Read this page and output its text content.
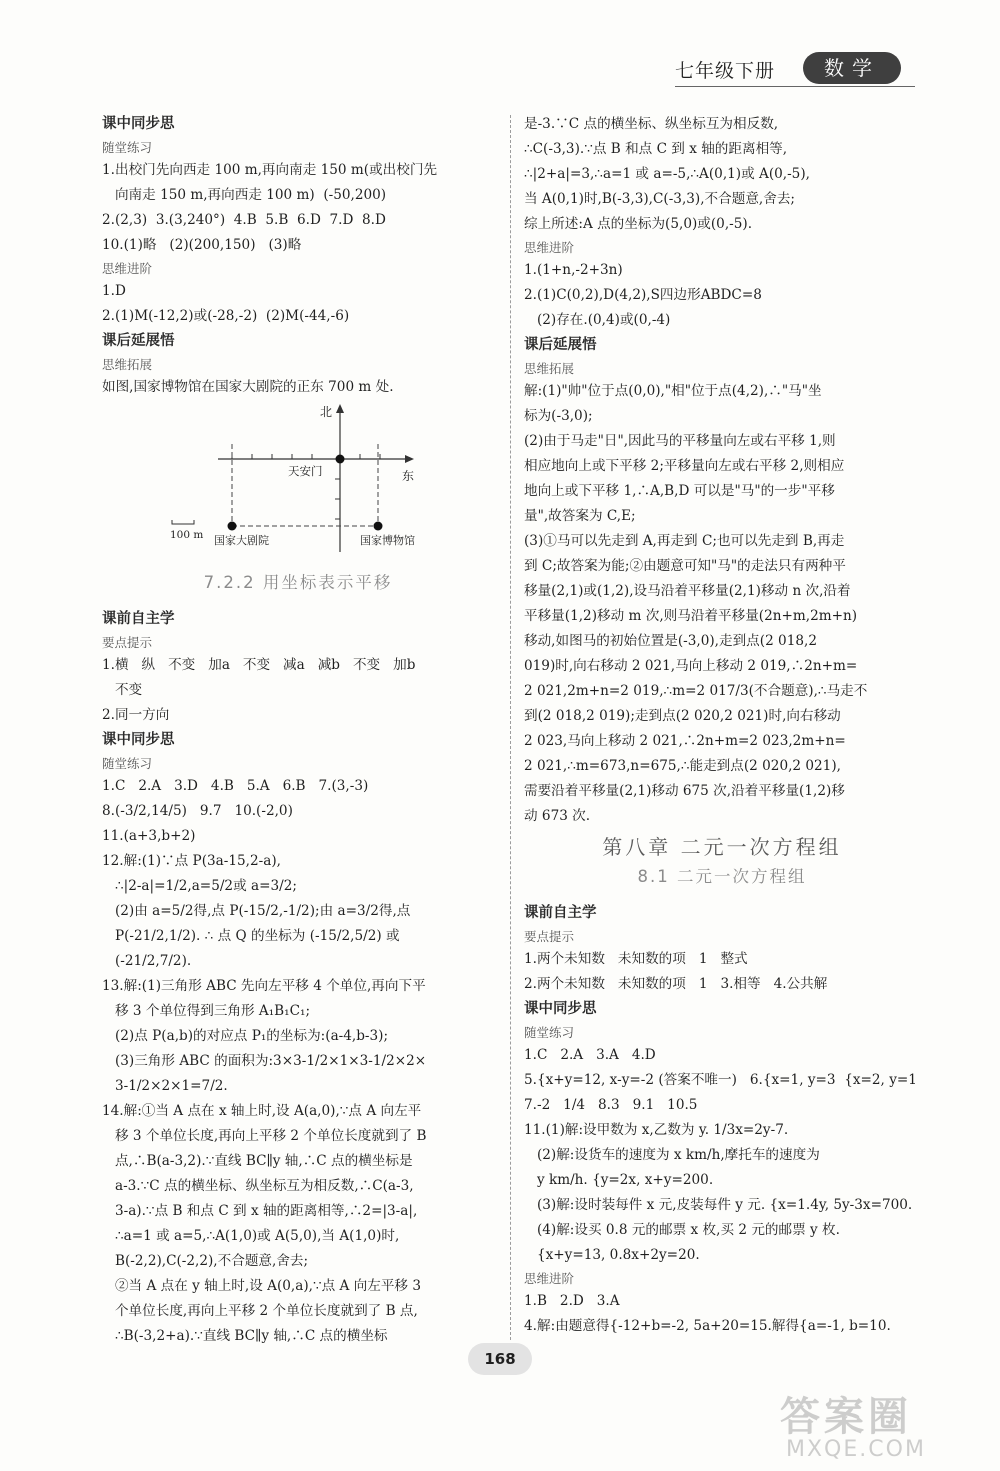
七年级下册	数学
课中同步思
随堂练习
1.出校门先向西走 100 m,再向南走 150 m(或出校门先
向南走 150 m,再向西走 100 m)  (-50,200)
2.(2,3)  3.(3,240°)  4.B  5.B  6.D  7.D  8.D
10.(1)略   (2)(200,150)   (3)略
思维进阶
1.D
2.(1)M(-12,2)或(-28,-2)  (2)M(-44,-6)
课后延展悟
思维拓展
如图,国家博物馆在国家大剧院的正东 700 m 处.
北
东
天安门
100 m 国家大剧院	国家博物馆
7.2.2 用坐标表示平移
课前自主学
要点提示
1.横   纵   不变   加a   不变   减a   减b   不变   加b
不变
2.同一方向
课中同步思
随堂练习
1.C   2.A   3.D   4.B   5.A   6.B   7.(3,-3)
8.(-3/2,14/5)   9.7   10.(-2,0)
11.(a+3,b+2)
12.解:(1)∵点 P(3a-15,2-a),
∴|2-a|=1/2,a=5/2或 a=3/2;
(2)由 a=5/2得,点 P(-15/2,-1/2);由 a=3/2得,点
P(-21/2,1/2). ∴ 点 Q 的坐标为 (-15/2,5/2) 或
(-21/2,7/2).
13.解:(1)三角形 ABC 先向左平移 4 个单位,再向下平
移 3 个单位得到三角形 A₁B₁C₁;
(2)点 P(a,b)的对应点 P₁的坐标为:(a-4,b-3);
(3)三角形 ABC 的面积为:3×3-1/2×1×3-1/2×2×
3-1/2×2×1=7/2.
14.解:①当 A 点在 x 轴上时,设 A(a,0),∵点 A 向左平
移 3 个单位长度,再向上平移 2 个单位长度就到了 B
点,∴B(a-3,2).∵直线 BC∥y 轴,∴C 点的横坐标是
a-3.∵C 点的横坐标、纵坐标互为相反数,∴C(a-3,
3-a).∵点 B 和点 C 到 x 轴的距离相等,∴2=|3-a|,
∴a=1 或 a=5,∴A(1,0)或 A(5,0),当 A(1,0)时,
B(-2,2),C(-2,2),不合题意,舍去;
②当 A 点在 y 轴上时,设 A(0,a),∵点 A 向左平移 3
个单位长度,再向上平移 2 个单位长度就到了 B 点,
∴B(-3,2+a).∵直线 BC∥y 轴,∴C 点的横坐标
是-3.∵C 点的横坐标、纵坐标互为相反数,
∴C(-3,3).∵点 B 和点 C 到 x 轴的距离相等,
∴|2+a|=3,∴a=1 或 a=-5,∴A(0,1)或 A(0,-5),
当 A(0,1)时,B(-3,3),C(-3,3),不合题意,舍去;
综上所述:A 点的坐标为(5,0)或(0,-5).
思维进阶
1.(1+n,-2+3n)
2.(1)C(0,2),D(4,2),S四边形ABDC=8
(2)存在.(0,4)或(0,-4)
课后延展悟
思维拓展
解:(1)"帅"位于点(0,0),"相"位于点(4,2),∴"马"坐
标为(-3,0);
(2)由于马走"日",因此马的平移量向左或右平移 1,则
相应地向上或下平移 2;平移量向左或右平移 2,则相应
地向上或下平移 1,∴A,B,D 可以是"马"的一步"平移
量",故答案为 C,E;
(3)①马可以先走到 A,再走到 C;也可以先走到 B,再走
到 C;故答案为能;②由题意可知"马"的走法只有两种平
移量(2,1)或(1,2),设马沿着平移量(2,1)移动 n 次,沿着
平移量(1,2)移动 m 次,则马沿着平移量(2n+m,2m+n)
移动,如图马的初始位置是(-3,0),走到点(2 018,2
019)时,向右移动 2 021,马向上移动 2 019,∴2n+m=
2 021,2m+n=2 019,∴m=2 017/3(不合题意),∴马走不
到(2 018,2 019);走到点(2 020,2 021)时,向右移动
2 023,马向上移动 2 021,∴2n+m=2 023,2m+n=
2 021,∴m=673,n=675,∴能走到点(2 020,2 021),
需要沿着平移量(2,1)移动 675 次,沿着平移量(1,2)移
动 673 次.
第八章 二元一次方程组
8.1 二元一次方程组
课前自主学
要点提示
1.两个未知数   未知数的项   1   整式
2.两个未知数   未知数的项   1   3.相等   4.公共解
课中同步思
随堂练习
1.C   2.A   3.A   4.D
5.{x+y=12, x-y=-2 (答案不唯一)   6.{x=1, y=3  {x=2, y=1
7.-2   1/4   8.3   9.1   10.5
11.(1)解:设甲数为 x,乙数为 y. 1/3x=2y-7.
(2)解:设货车的速度为 x km/h,摩托车的速度为
y km/h. {y=2x, x+y=200.
(3)解:设时装每件 x 元,皮装每件 y 元. {x=1.4y, 5y-3x=700.
(4)解:设买 0.8 元的邮票 x 枚,买 2 元的邮票 y 枚.
{x+y=13, 0.8x+2y=20.
思维进阶
1.B   2.D   3.A
4.解:由题意得{-12+b=-2, 5a+20=15.解得{a=-1, b=10.
168
答案圈
MXQE.COM
